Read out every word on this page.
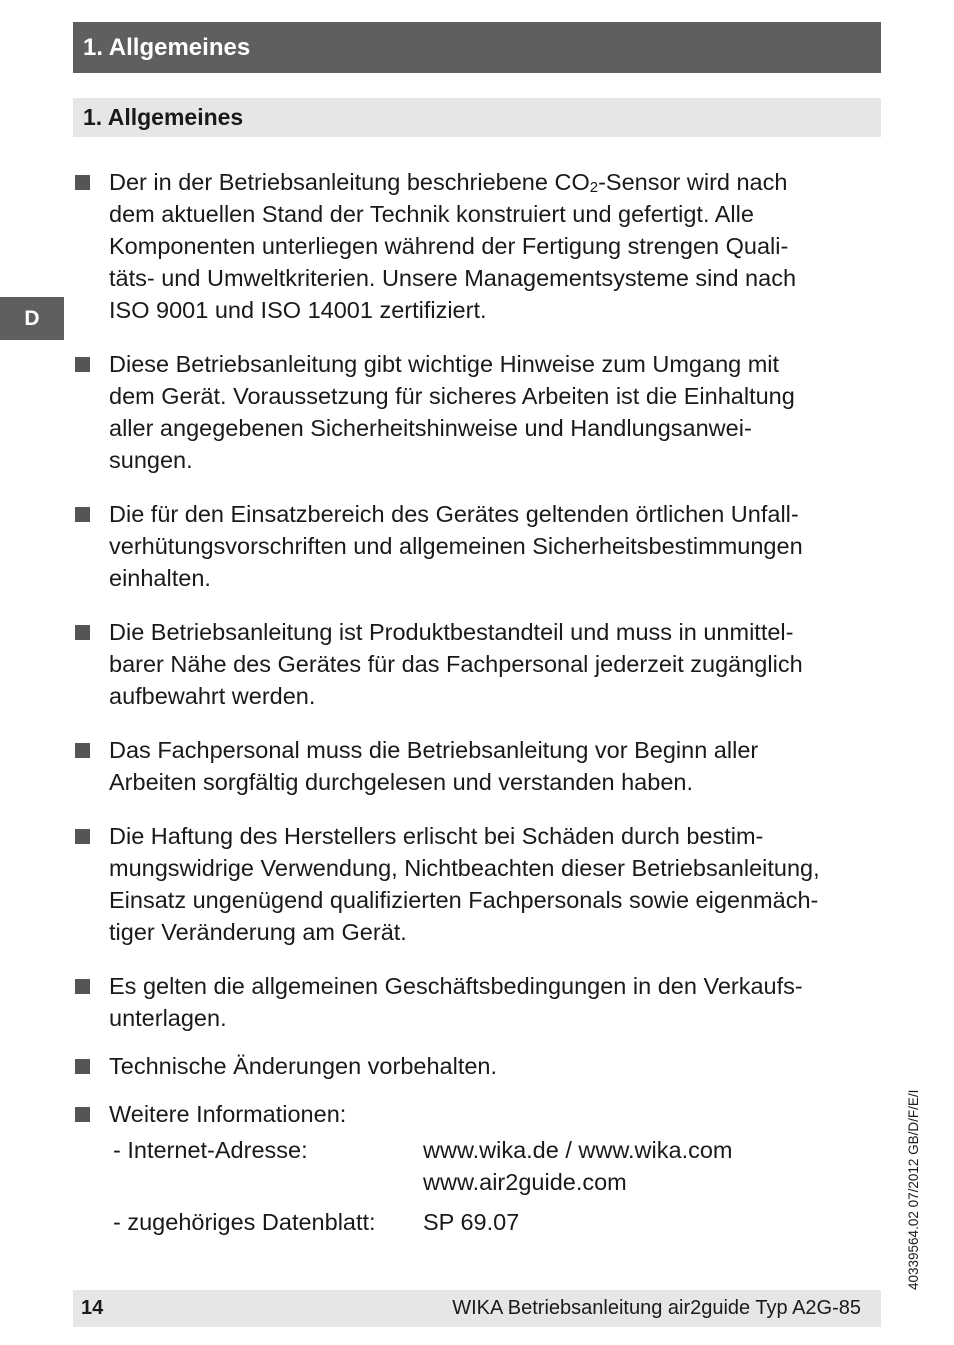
1. Allgemeines
1. Allgemeines
D
Der in der Betriebsanleitung beschriebene $CO_2$-Sensor wird nach
dem aktuellen Stand der Technik konstruiert und gefertigt. Alle
Komponenten unterliegen während der Fertigung strengen Quali-
täts- und Umweltkriterien. Unsere Managementsysteme sind nach
ISO 9001 und ISO 14001 zertifiziert.
Diese Betriebsanleitung gibt wichtige Hinweise zum Umgang mit
dem Gerät. Voraussetzung für sicheres Arbeiten ist die Einhaltung
aller angegebenen Sicherheitshinweise und Handlungsanwei-
sungen.
Die für den Einsatzbereich des Gerätes geltenden örtlichen Unfall-
verhütungsvorschriften und allgemeinen Sicherheitsbestimmungen
einhalten.
Die Betriebsanleitung ist Produktbestandteil und muss in unmittel-
barer Nähe des Gerätes für das Fachpersonal jederzeit zugänglich
aufbewahrt werden.
Das Fachpersonal muss die Betriebsanleitung vor Beginn aller
Arbeiten sorgfältig durchgelesen und verstanden haben.
Die Haftung des Herstellers erlischt bei Schäden durch bestim-
mungswidrige Verwendung, Nichtbeachten dieser Betriebsanleitung,
Einsatz ungenügend qualifizierten Fachpersonals sowie eigenmäch-
tiger Veränderung am Gerät.
Es gelten die allgemeinen Geschäftsbedingungen in den Verkaufs-
unterlagen.
Technische Änderungen vorbehalten.
Weitere Informationen:
- Internet-Adresse:	www.wika.de / www.wika.com
	www.air2guide.com
- zugehöriges Datenblatt:	SP 69.07	40339564.02 07/2012 GB/D/F/E/I
14	WIKA Betriebsanleitung air2guide Typ A2G-85
